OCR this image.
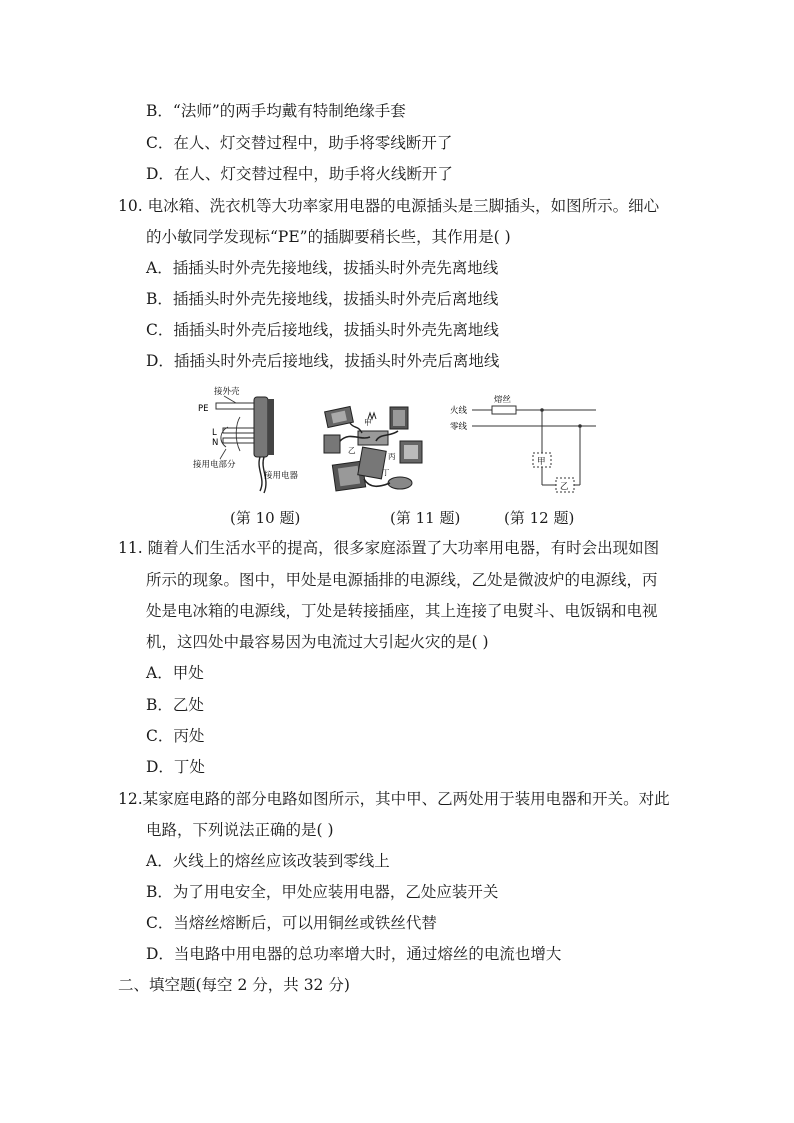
B．“法师”的两手均戴有特制绝缘手套
C．在人、灯交替过程中，助手将零线断开了
D．在人、灯交替过程中，助手将火线断开了
10. 电冰箱、洗衣机等大功率家用电器的电源插头是三脚插头，如图所示。细心
的小敏同学发现标“PE”的插脚要稍长些，其作用是( )
A．插插头时外壳先接地线，拔插头时外壳先离地线
B．插插头时外壳先接地线，拔插头时外壳后离地线
C．插插头时外壳后接地线，拔插头时外壳先离地线
D．插插头时外壳后接地线，拔插头时外壳后离地线
接外壳
PE
L
N
接用电部分
接用电器
(第 10 题)
甲
乙
丙
丁
(第 11 题)
火线
零线
熔丝
甲
乙
(第 12 题)
11. 随着人们生活水平的提高，很多家庭添置了大功率用电器，有时会出现如图
所示的现象。图中，甲处是电源插排的电源线，乙处是微波炉的电源线，丙
处是电冰箱的电源线，丁处是转接插座，其上连接了电熨斗、电饭锅和电视
机，这四处中最容易因为电流过大引起火灾的是( )
A．甲处
B．乙处
C．丙处
D．丁处
12.某家庭电路的部分电路如图所示，其中甲、乙两处用于装用电器和开关。对此
电路，下列说法正确的是( )
A．火线上的熔丝应该改装到零线上
B．为了用电安全，甲处应装用电器，乙处应装开关
C．当熔丝熔断后，可以用铜丝或铁丝代替
D．当电路中用电器的总功率增大时，通过熔丝的电流也增大
二、填空题(每空 2 分，共 32 分)
